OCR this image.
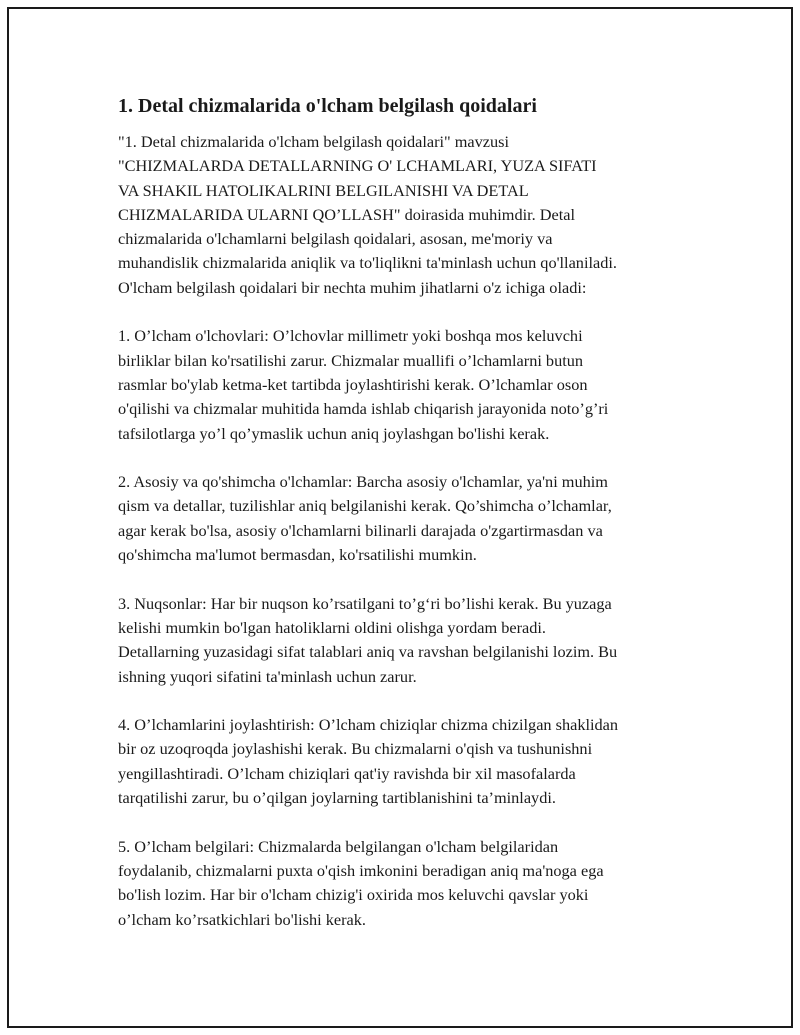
1. Detal chizmalarida o'lcham belgilash qoidalari

"1. Detal chizmalarida o'lcham belgilash qoidalari" mavzusi
"CHIZMALARDA DETALLARNING O' LCHAMLARI, YUZA SIFATI
VA SHAKIL HATOLIKALRINI BELGILANISHI VA DETAL
CHIZMALARIDA ULARNI QO’LLASH" doirasida muhimdir. Detal
chizmalarida o'lchamlarni belgilash qoidalari, asosan, me'moriy va
muhandislik chizmalarida aniqlik va to'liqlikni ta'minlash uchun qo'llaniladi.
O'lcham belgilash qoidalari bir nechta muhim jihatlarni o'z ichiga oladi:

1. O’lcham o'lchovlari: O’lchovlar millimetr yoki boshqa mos keluvchi
birliklar bilan ko'rsatilishi zarur. Chizmalar muallifi o’lchamlarni butun
rasmlar bo'ylab ketma-ket tartibda joylashtirishi kerak. O’lchamlar oson
o'qilishi va chizmalar muhitida hamda ishlab chiqarish jarayonida noto’g’ri
tafsilotlarga yo’l qo’ymaslik uchun aniq joylashgan bo'lishi kerak.

2. Asosiy va qo'shimcha o'lchamlar: Barcha asosiy o'lchamlar, ya'ni muhim
qism va detallar, tuzilishlar aniq belgilanishi kerak. Qo’shimcha o’lchamlar,
agar kerak bo'lsa, asosiy o'lchamlarni bilinarli darajada o'zgartirmasdan va
qo'shimcha ma'lumot bermasdan, ko'rsatilishi mumkin.

3. Nuqsonlar: Har bir nuqson ko’rsatilgani to’g‘ri bo’lishi kerak. Bu yuzaga
kelishi mumkin bo'lgan hatoliklarni oldini olishga yordam beradi.
Detallarning yuzasidagi sifat talablari aniq va ravshan belgilanishi lozim. Bu
ishning yuqori sifatini ta'minlash uchun zarur.

4. O’lchamlarini joylashtirish: O’lcham chiziqlar chizma chizilgan shaklidan
bir oz uzoqroqda joylashishi kerak. Bu chizmalarni o'qish va tushunishni
yengillashtiradi. O’lcham chiziqlari qat'iy ravishda bir xil masofalarda
tarqatilishi zarur, bu o’qilgan joylarning tartiblanishini ta’minlaydi.

5. O’lcham belgilari: Chizmalarda belgilangan o'lcham belgilaridan
foydalanib, chizmalarni puxta o'qish imkonini beradigan aniq ma'noga ega
bo'lish lozim. Har bir o'lcham chizig'i oxirida mos keluvchi qavslar yoki
o’lcham ko’rsatkichlari bo'lishi kerak.
